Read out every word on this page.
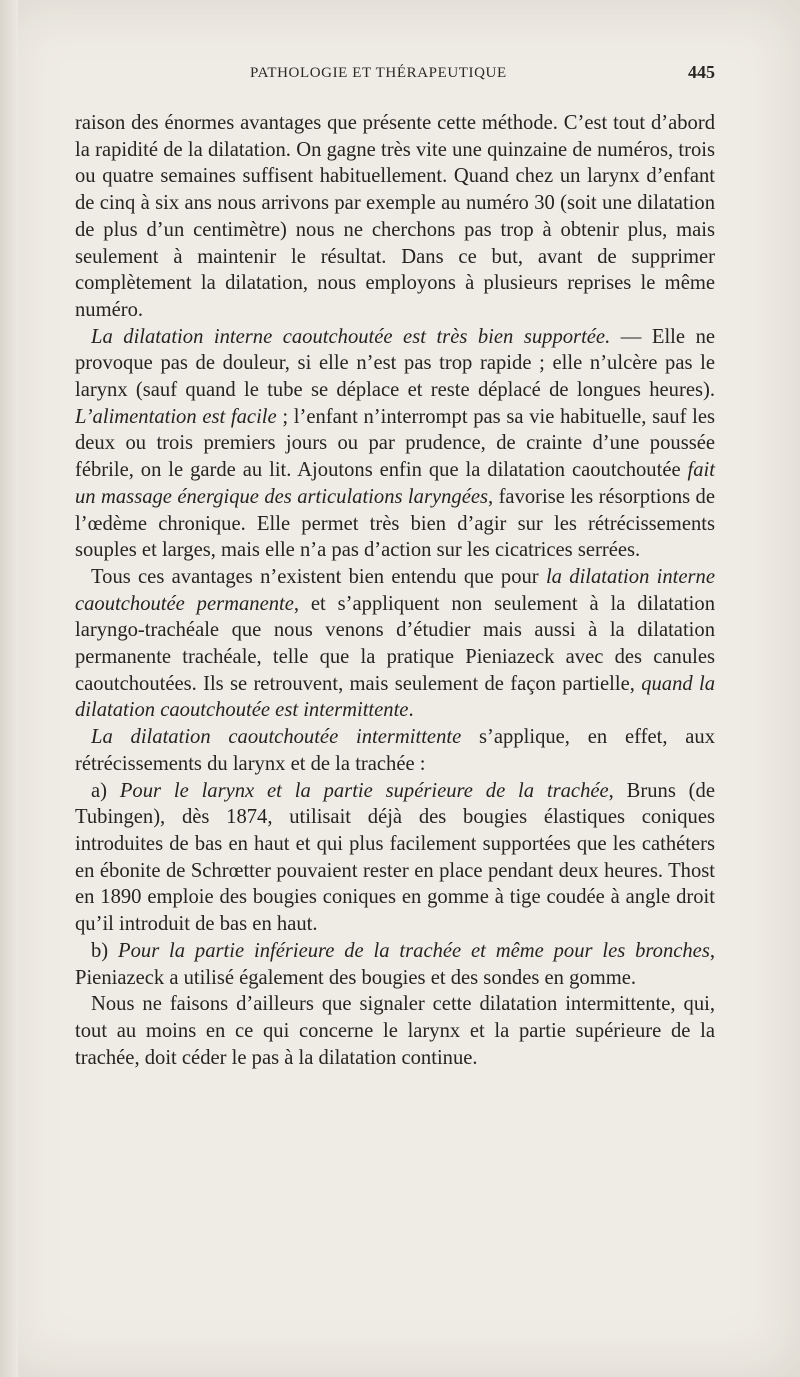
PATHOLOGIE ET THÉRAPEUTIQUE	445

raison des énormes avantages que présente cette méthode. C’est tout d’abord la rapidité de la dilatation. On gagne très vite une quinzaine de numéros, trois ou quatre semaines suffisent habituellement. Quand chez un larynx d’enfant de cinq à six ans nous arrivons par exemple au numéro 30 (soit une dilatation de plus d’un centimètre) nous ne cherchons pas trop à obtenir plus, mais seulement à maintenir le résultat. Dans ce but, avant de supprimer complètement la dilatation, nous employons à plusieurs reprises le même numéro.

La dilatation interne caoutchoutée est très bien supportée. — Elle ne provoque pas de douleur, si elle n’est pas trop rapide ; elle n’ulcère pas le larynx (sauf quand le tube se déplace et reste déplacé de longues heures). L’alimentation est facile ; l’enfant n’interrompt pas sa vie habituelle, sauf les deux ou trois premiers jours ou par prudence, de crainte d’une poussée fébrile, on le garde au lit. Ajoutons enfin que la dilatation caoutchoutée fait un massage énergique des articulations laryngées, favorise les résorptions de l’œdème chronique. Elle permet très bien d’agir sur les rétrécissements souples et larges, mais elle n’a pas d’action sur les cicatrices serrées.

Tous ces avantages n’existent bien entendu que pour la dilatation interne caoutchoutée permanente, et s’appliquent non seulement à la dilatation laryngo-trachéale que nous venons d’étudier mais aussi à la dilatation permanente trachéale, telle que la pratique Pieniazeck avec des canules caoutchoutées. Ils se retrouvent, mais seulement de façon partielle, quand la dilatation caoutchoutée est intermittente.

La dilatation caoutchoutée intermittente s’applique, en effet, aux rétrécissements du larynx et de la trachée :

a) Pour le larynx et la partie supérieure de la trachée, Bruns (de Tubingen), dès 1874, utilisait déjà des bougies élastiques coniques introduites de bas en haut et qui plus facilement supportées que les cathéters en ébonite de Schrœtter pouvaient rester en place pendant deux heures. Thost en 1890 emploie des bougies coniques en gomme à tige coudée à angle droit qu’il introduit de bas en haut.

b) Pour la partie inférieure de la trachée et même pour les bronches, Pieniazeck a utilisé également des bougies et des sondes en gomme.

Nous ne faisons d’ailleurs que signaler cette dilatation intermittente, qui, tout au moins en ce qui concerne le larynx et la partie supérieure de la trachée, doit céder le pas à la dilatation continue.
